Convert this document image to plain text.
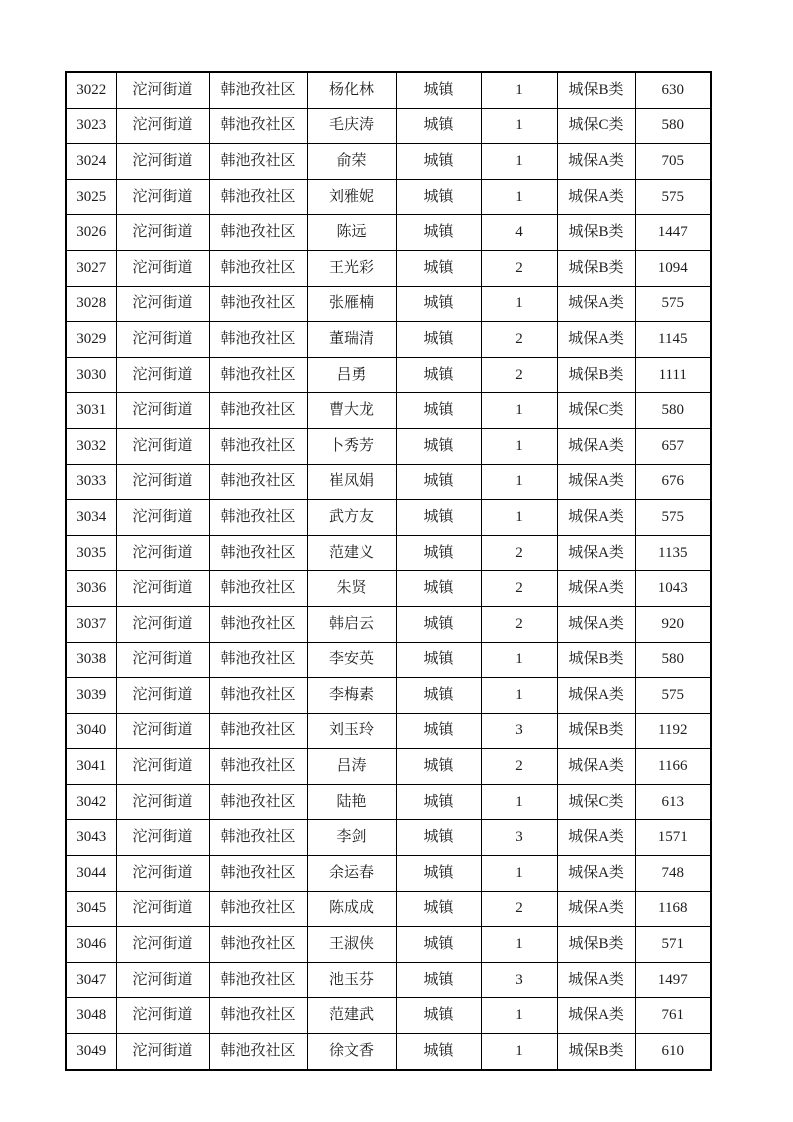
3022	沱河街道	韩池孜社区	杨化林	城镇	1	城保B类	630
3023	沱河街道	韩池孜社区	毛庆涛	城镇	1	城保C类	580
3024	沱河街道	韩池孜社区	俞荣	城镇	1	城保A类	705
3025	沱河街道	韩池孜社区	刘雅妮	城镇	1	城保A类	575
3026	沱河街道	韩池孜社区	陈远	城镇	4	城保B类	1447
3027	沱河街道	韩池孜社区	王光彩	城镇	2	城保B类	1094
3028	沱河街道	韩池孜社区	张雁楠	城镇	1	城保A类	575
3029	沱河街道	韩池孜社区	董瑞清	城镇	2	城保A类	1145
3030	沱河街道	韩池孜社区	吕勇	城镇	2	城保B类	1111
3031	沱河街道	韩池孜社区	曹大龙	城镇	1	城保C类	580
3032	沱河街道	韩池孜社区	卜秀芳	城镇	1	城保A类	657
3033	沱河街道	韩池孜社区	崔凤娟	城镇	1	城保A类	676
3034	沱河街道	韩池孜社区	武方友	城镇	1	城保A类	575
3035	沱河街道	韩池孜社区	范建义	城镇	2	城保A类	1135
3036	沱河街道	韩池孜社区	朱贤	城镇	2	城保A类	1043
3037	沱河街道	韩池孜社区	韩启云	城镇	2	城保A类	920
3038	沱河街道	韩池孜社区	李安英	城镇	1	城保B类	580
3039	沱河街道	韩池孜社区	李梅素	城镇	1	城保A类	575
3040	沱河街道	韩池孜社区	刘玉玲	城镇	3	城保B类	1192
3041	沱河街道	韩池孜社区	吕涛	城镇	2	城保A类	1166
3042	沱河街道	韩池孜社区	陆艳	城镇	1	城保C类	613
3043	沱河街道	韩池孜社区	李剑	城镇	3	城保A类	1571
3044	沱河街道	韩池孜社区	余运春	城镇	1	城保A类	748
3045	沱河街道	韩池孜社区	陈成成	城镇	2	城保A类	1168
3046	沱河街道	韩池孜社区	王淑侠	城镇	1	城保B类	571
3047	沱河街道	韩池孜社区	池玉芬	城镇	3	城保A类	1497
3048	沱河街道	韩池孜社区	范建武	城镇	1	城保A类	761
3049	沱河街道	韩池孜社区	徐文香	城镇	1	城保B类	610
